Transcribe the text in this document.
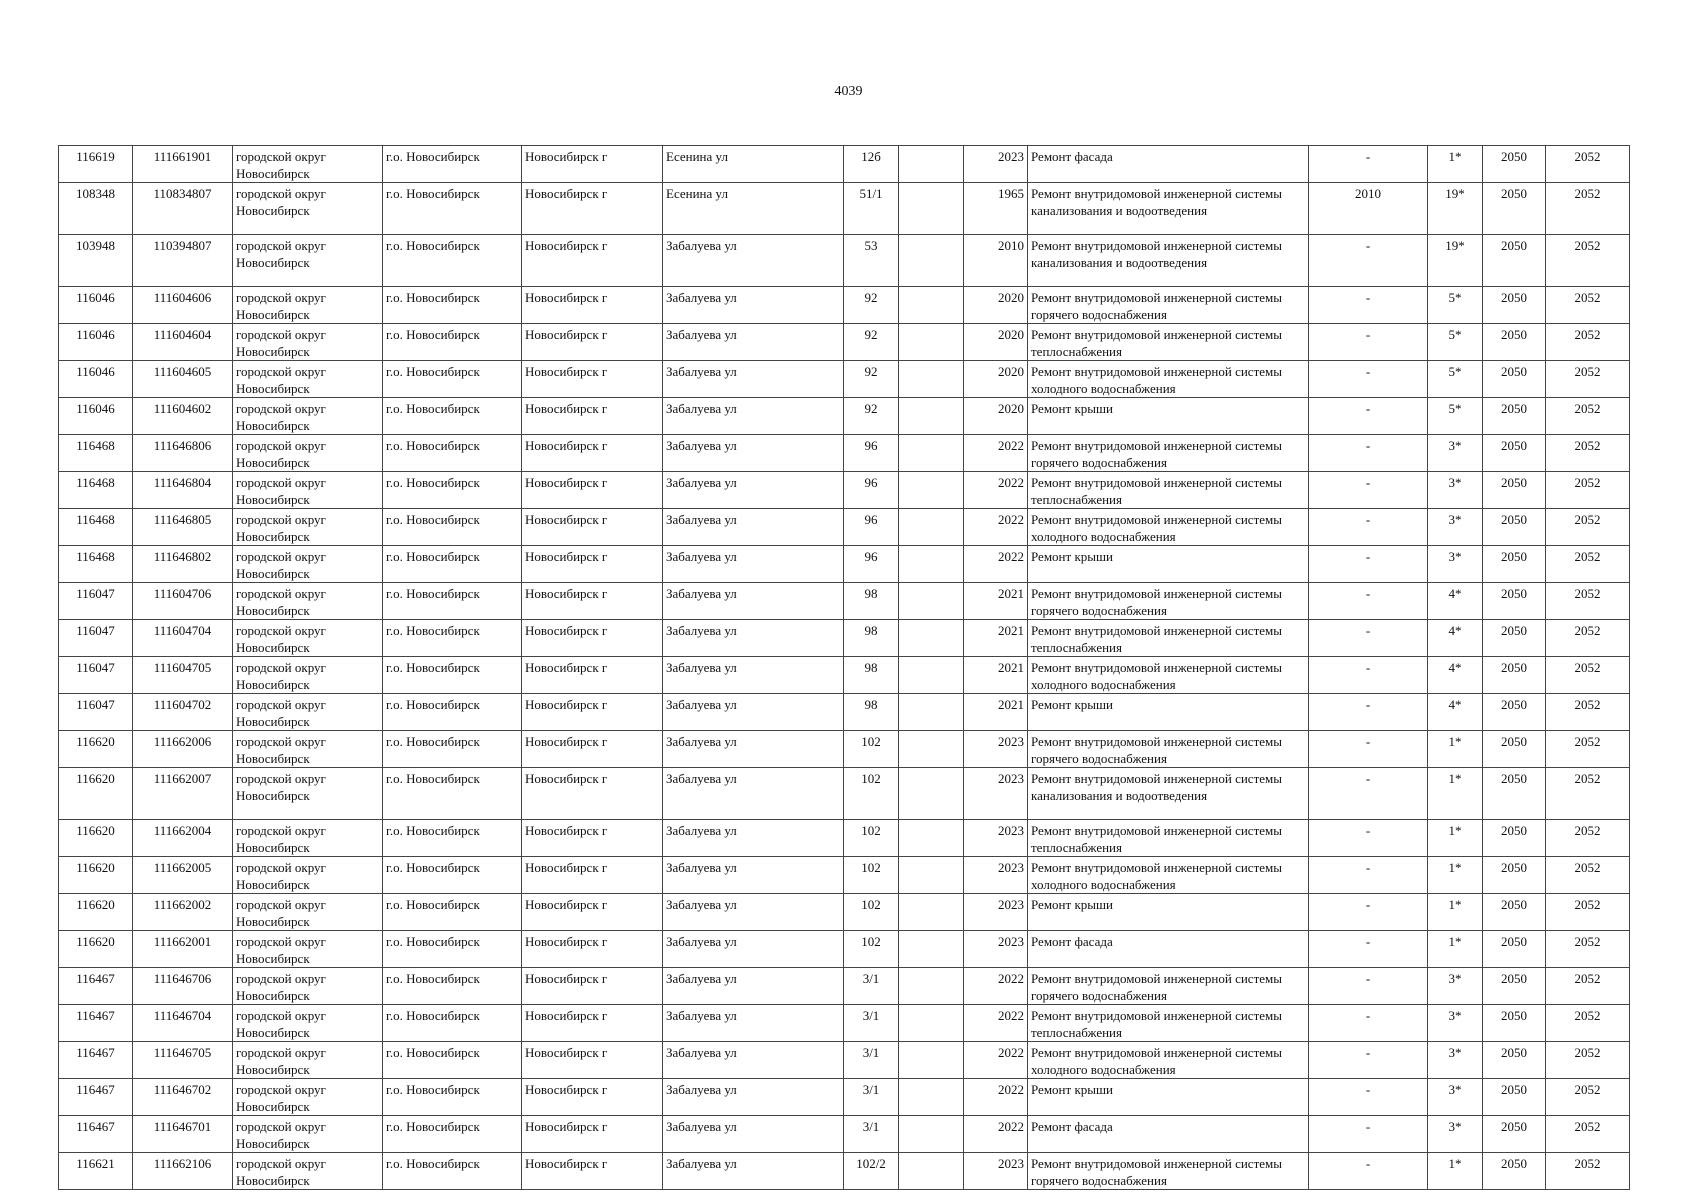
4039
116619	111661901	городской округ Новосибирск	г.о. Новосибирск	Новосибирск г	Есенина ул	12б		2023	Ремонт фасада	-	1*	2050	2052
108348	110834807	городской округ Новосибирск	г.о. Новосибирск	Новосибирск г	Есенина ул	51/1		1965	Ремонт внутридомовой инженерной системы канализования и водоотведения	2010	19*	2050	2052
103948	110394807	городской округ Новосибирск	г.о. Новосибирск	Новосибирск г	Забалуева ул	53		2010	Ремонт внутридомовой инженерной системы канализования и водоотведения	-	19*	2050	2052
116046	111604606	городской округ Новосибирск	г.о. Новосибирск	Новосибирск г	Забалуева ул	92		2020	Ремонт внутридомовой инженерной системы горячего водоснабжения	-	5*	2050	2052
116046	111604604	городской округ Новосибирск	г.о. Новосибирск	Новосибирск г	Забалуева ул	92		2020	Ремонт внутридомовой инженерной системы теплоснабжения	-	5*	2050	2052
116046	111604605	городской округ Новосибирск	г.о. Новосибирск	Новосибирск г	Забалуева ул	92		2020	Ремонт внутридомовой инженерной системы холодного водоснабжения	-	5*	2050	2052
116046	111604602	городской округ Новосибирск	г.о. Новосибирск	Новосибирск г	Забалуева ул	92		2020	Ремонт крыши	-	5*	2050	2052
116468	111646806	городской округ Новосибирск	г.о. Новосибирск	Новосибирск г	Забалуева ул	96		2022	Ремонт внутридомовой инженерной системы горячего водоснабжения	-	3*	2050	2052
116468	111646804	городской округ Новосибирск	г.о. Новосибирск	Новосибирск г	Забалуева ул	96		2022	Ремонт внутридомовой инженерной системы теплоснабжения	-	3*	2050	2052
116468	111646805	городской округ Новосибирск	г.о. Новосибирск	Новосибирск г	Забалуева ул	96		2022	Ремонт внутридомовой инженерной системы холодного водоснабжения	-	3*	2050	2052
116468	111646802	городской округ Новосибирск	г.о. Новосибирск	Новосибирск г	Забалуева ул	96		2022	Ремонт крыши	-	3*	2050	2052
116047	111604706	городской округ Новосибирск	г.о. Новосибирск	Новосибирск г	Забалуева ул	98		2021	Ремонт внутридомовой инженерной системы горячего водоснабжения	-	4*	2050	2052
116047	111604704	городской округ Новосибирск	г.о. Новосибирск	Новосибирск г	Забалуева ул	98		2021	Ремонт внутридомовой инженерной системы теплоснабжения	-	4*	2050	2052
116047	111604705	городской округ Новосибирск	г.о. Новосибирск	Новосибирск г	Забалуева ул	98		2021	Ремонт внутридомовой инженерной системы холодного водоснабжения	-	4*	2050	2052
116047	111604702	городской округ Новосибирск	г.о. Новосибирск	Новосибирск г	Забалуева ул	98		2021	Ремонт крыши	-	4*	2050	2052
116620	111662006	городской округ Новосибирск	г.о. Новосибирск	Новосибирск г	Забалуева ул	102		2023	Ремонт внутридомовой инженерной системы горячего водоснабжения	-	1*	2050	2052
116620	111662007	городской округ Новосибирск	г.о. Новосибирск	Новосибирск г	Забалуева ул	102		2023	Ремонт внутридомовой инженерной системы канализования и водоотведения	-	1*	2050	2052
116620	111662004	городской округ Новосибирск	г.о. Новосибирск	Новосибирск г	Забалуева ул	102		2023	Ремонт внутридомовой инженерной системы теплоснабжения	-	1*	2050	2052
116620	111662005	городской округ Новосибирск	г.о. Новосибирск	Новосибирск г	Забалуева ул	102		2023	Ремонт внутридомовой инженерной системы холодного водоснабжения	-	1*	2050	2052
116620	111662002	городской округ Новосибирск	г.о. Новосибирск	Новосибирск г	Забалуева ул	102		2023	Ремонт крыши	-	1*	2050	2052
116620	111662001	городской округ Новосибирск	г.о. Новосибирск	Новосибирск г	Забалуева ул	102		2023	Ремонт фасада	-	1*	2050	2052
116467	111646706	городской округ Новосибирск	г.о. Новосибирск	Новосибирск г	Забалуева ул	3/1		2022	Ремонт внутридомовой инженерной системы горячего водоснабжения	-	3*	2050	2052
116467	111646704	городской округ Новосибирск	г.о. Новосибирск	Новосибирск г	Забалуева ул	3/1		2022	Ремонт внутридомовой инженерной системы теплоснабжения	-	3*	2050	2052
116467	111646705	городской округ Новосибирск	г.о. Новосибирск	Новосибирск г	Забалуева ул	3/1		2022	Ремонт внутридомовой инженерной системы холодного водоснабжения	-	3*	2050	2052
116467	111646702	городской округ Новосибирск	г.о. Новосибирск	Новосибирск г	Забалуева ул	3/1		2022	Ремонт крыши	-	3*	2050	2052
116467	111646701	городской округ Новосибирск	г.о. Новосибирск	Новосибирск г	Забалуева ул	3/1		2022	Ремонт фасада	-	3*	2050	2052
116621	111662106	городской округ Новосибирск	г.о. Новосибирск	Новосибирск г	Забалуева ул	102/2		2023	Ремонт внутридомовой инженерной системы горячего водоснабжения	-	1*	2050	2052
